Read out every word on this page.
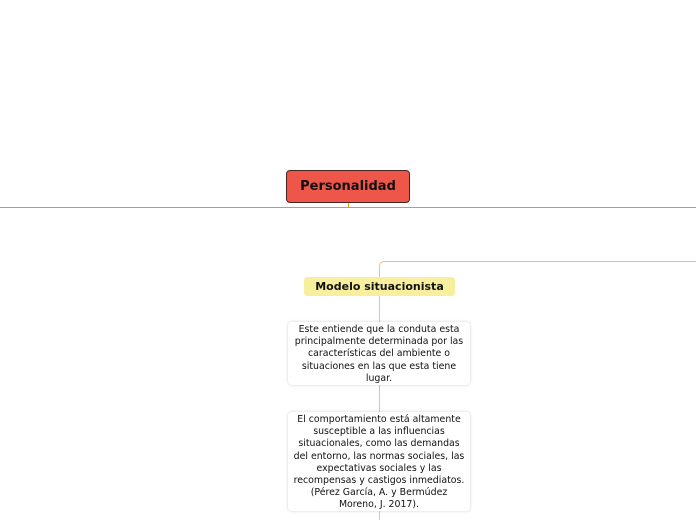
Personalidad
Modelo situacionista
Este entiende que la conduta esta principalmente determinada por las características del ambiente o situaciones en las que esta tiene lugar.
El comportamiento está altamente susceptible a las influencias situacionales, como las demandas del entorno, las normas sociales, las expectativas sociales y las recompensas y castigos inmediatos. (Pérez García, A. y Bermúdez Moreno, J. 2017).
